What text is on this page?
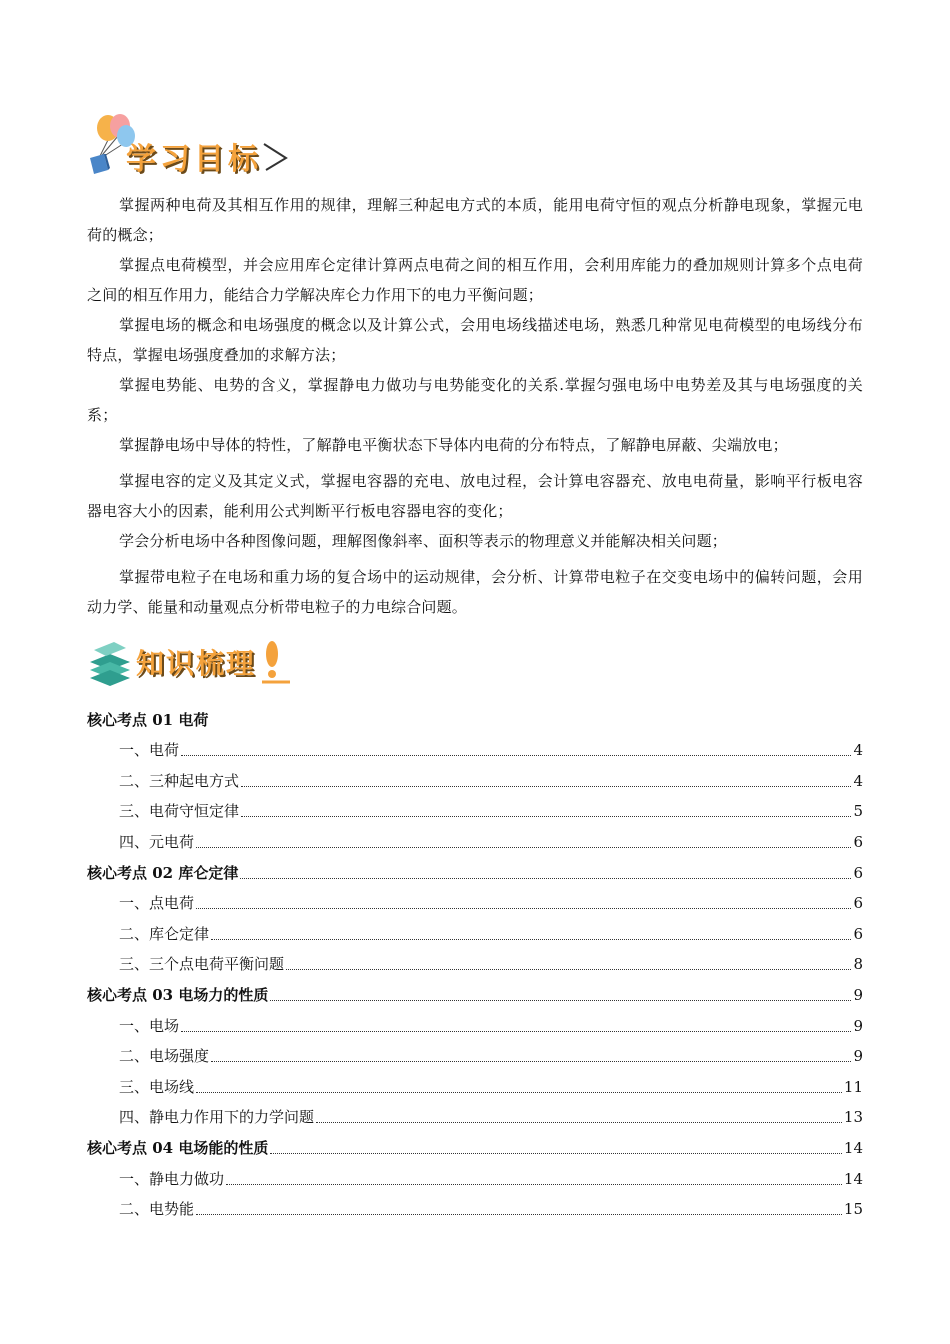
学习目标

掌握两种电荷及其相互作用的规律，理解三种起电方式的本质，能用电荷守恒的观点分析静电现象，掌握元电荷的概念；

掌握点电荷模型，并会应用库仑定律计算两点电荷之间的相互作用，会利用库能力的叠加规则计算多个点电荷之间的相互作用力，能结合力学解决库仑力作用下的电力平衡问题；

掌握电场的概念和电场强度的概念以及计算公式，会用电场线描述电场，熟悉几种常见电荷模型的电场线分布特点，掌握电场强度叠加的求解方法；

掌握电势能、电势的含义，掌握静电力做功与电势能变化的关系.掌握匀强电场中电势差及其与电场强度的关系；

掌握静电场中导体的特性，了解静电平衡状态下导体内电荷的分布特点，了解静电屏蔽、尖端放电；

掌握电容的定义及其定义式，掌握电容器的充电、放电过程，会计算电容器充、放电电荷量，影响平行板电容器电容大小的因素，能利用公式判断平行板电容器电容的变化；

学会分析电场中各种图像问题，理解图像斜率、面积等表示的物理意义并能解决相关问题；

掌握带电粒子在电场和重力场的复合场中的运动规律，会分析、计算带电粒子在交变电场中的偏转问题，会用动力学、能量和动量观点分析带电粒子的力电综合问题。

知识梳理
核心考点 01 电荷
一、电荷	4
二、三种起电方式	4
三、电荷守恒定律	5
四、元电荷	6
核心考点 02 库仑定律	6
一、点电荷	6
二、库仑定律	6
三、三个点电荷平衡问题	8
核心考点 03 电场力的性质	9
一、电场	9
二、电场强度	9
三、电场线	11
四、静电力作用下的力学问题	13
核心考点 04 电场能的性质	14
一、静电力做功	14
二、电势能	15
